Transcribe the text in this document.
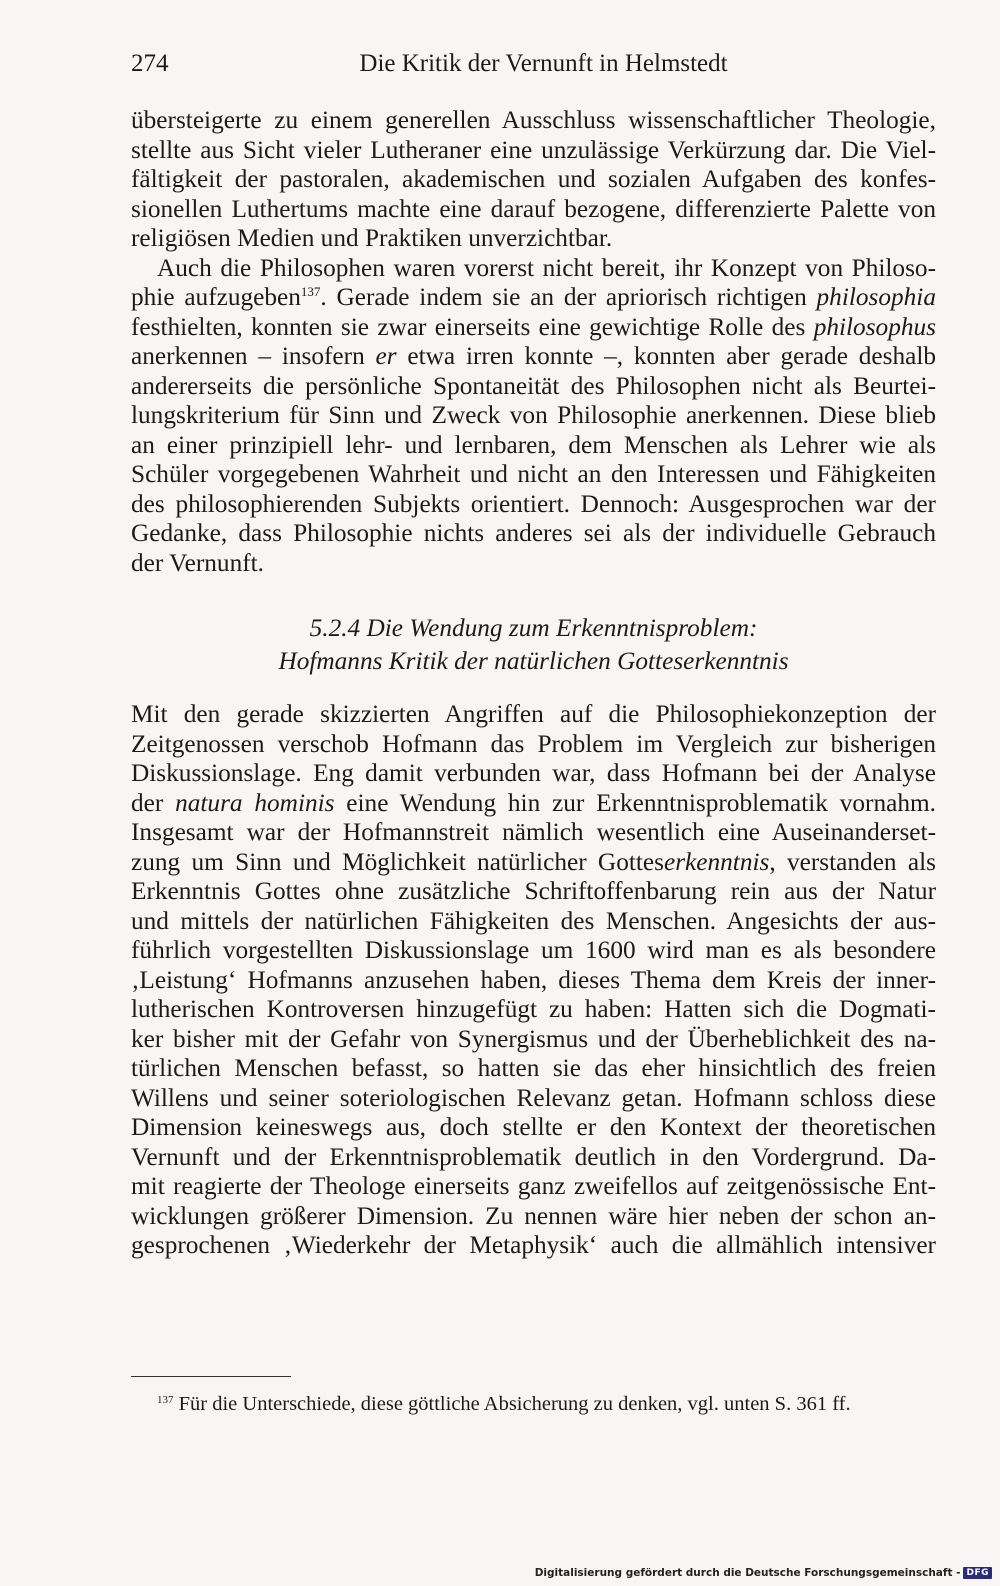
274	Die Kritik der Vernunft in Helmstedt
übersteigerte zu einem generellen Ausschluss wissenschaftlicher Theologie,
stellte aus Sicht vieler Lutheraner eine unzulässige Verkürzung dar. Die Viel-
fältigkeit der pastoralen, akademischen und sozialen Aufgaben des konfes-
sionellen Luthertums machte eine darauf bezogene, differenzierte Palette von
religiösen Medien und Praktiken unverzichtbar.
Auch die Philosophen waren vorerst nicht bereit, ihr Konzept von Philoso-
phie aufzugeben$^{137}$. Gerade indem sie an der apriorisch richtigen philosophia
festhielten, konnten sie zwar einerseits eine gewichtige Rolle des philosophus
anerkennen – insofern er etwa irren konnte –, konnten aber gerade deshalb
andererseits die persönliche Spontaneität des Philosophen nicht als Beurtei-
lungskriterium für Sinn und Zweck von Philosophie anerkennen. Diese blieb
an einer prinzipiell lehr- und lernbaren, dem Menschen als Lehrer wie als
Schüler vorgegebenen Wahrheit und nicht an den Interessen und Fähigkeiten
des philosophierenden Subjekts orientiert. Dennoch: Ausgesprochen war der
Gedanke, dass Philosophie nichts anderes sei als der individuelle Gebrauch
der Vernunft.
5.2.4 Die Wendung zum Erkenntnisproblem:
Hofmanns Kritik der natürlichen Gotteserkenntnis
Mit den gerade skizzierten Angriffen auf die Philosophiekonzeption der
Zeitgenossen verschob Hofmann das Problem im Vergleich zur bisherigen
Diskussionslage. Eng damit verbunden war, dass Hofmann bei der Analyse
der natura hominis eine Wendung hin zur Erkenntnisproblematik vornahm.
Insgesamt war der Hofmannstreit nämlich wesentlich eine Auseinanderset-
zung um Sinn und Möglichkeit natürlicher Gotteserkenntnis, verstanden als
Erkenntnis Gottes ohne zusätzliche Schriftoffenbarung rein aus der Natur
und mittels der natürlichen Fähigkeiten des Menschen. Angesichts der aus-
führlich vorgestellten Diskussionslage um 1600 wird man es als besondere
‚Leistung‘ Hofmanns anzusehen haben, dieses Thema dem Kreis der inner-
lutherischen Kontroversen hinzugefügt zu haben: Hatten sich die Dogmati-
ker bisher mit der Gefahr von Synergismus und der Überheblichkeit des na-
türlichen Menschen befasst, so hatten sie das eher hinsichtlich des freien
Willens und seiner soteriologischen Relevanz getan. Hofmann schloss diese
Dimension keineswegs aus, doch stellte er den Kontext der theoretischen
Vernunft und der Erkenntnisproblematik deutlich in den Vordergrund. Da-
mit reagierte der Theologe einerseits ganz zweifellos auf zeitgenössische Ent-
wicklungen größerer Dimension. Zu nennen wäre hier neben der schon an-
gesprochenen ‚Wiederkehr der Metaphysik‘ auch die allmählich intensiver
$^{137}$ Für die Unterschiede, diese göttliche Absicherung zu denken, vgl. unten S. 361 ff.
Digitalisierung gefördert durch die Deutsche Forschungsgemeinschaft - DFG
